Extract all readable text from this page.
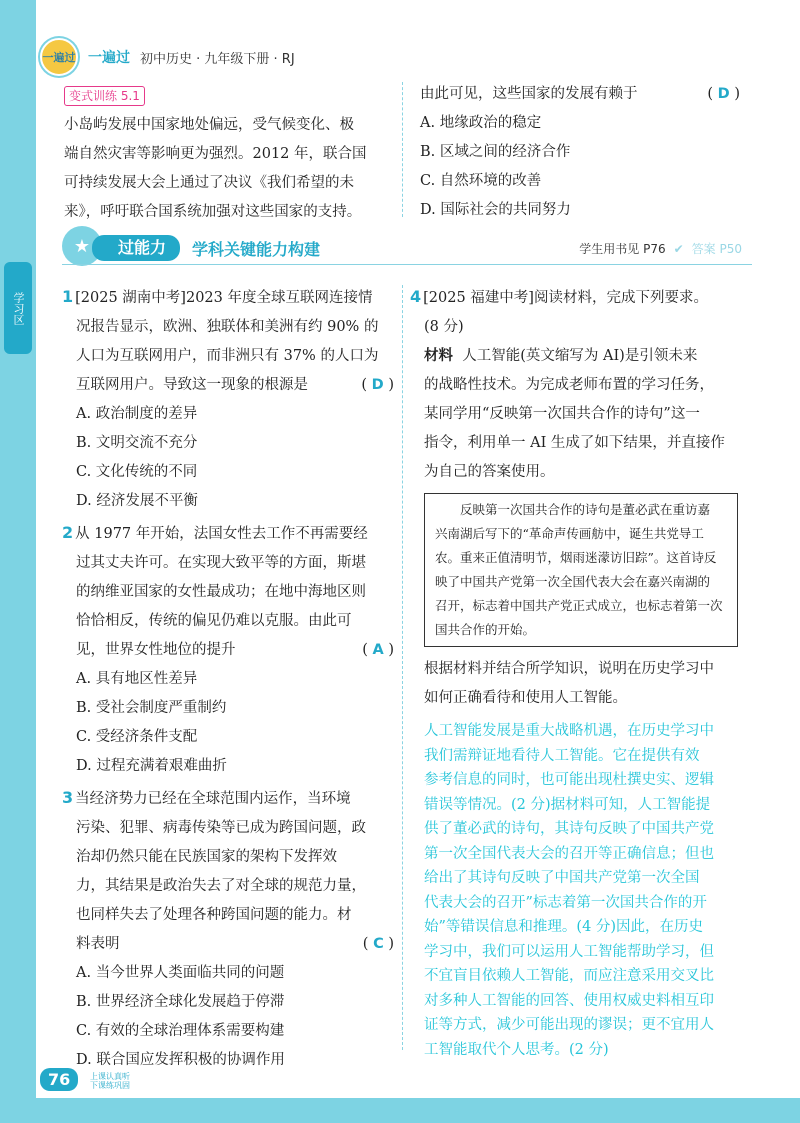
一遍过 一遍过 初中历史 · 九年级下册 · RJ
学习区
变式训练 5.1
小岛屿发展中国家地处偏远，受气候变化、极
端自然灾害等影响更为强烈。2012 年，联合国
可持续发展大会上通过了决议《我们希望的未
来》，呼吁联合国系统加强对这些国家的支持。
由此可见，这些国家的发展有赖于	( D )
A. 地缘政治的稳定
B. 区域之间的经济合作
C. 自然环境的改善
D. 国际社会的共同努力
★	过能力	学科关键能力构建	学生用书见 P76 ✔ 答案 P50
1 [2025 湖南中考]2023 年度全球互联网连接情
况报告显示，欧洲、独联体和美洲有约 90% 的
人口为互联网用户，而非洲只有 37% 的人口为
互联网用户。导致这一现象的根源是	( D )
A. 政治制度的差异
B. 文明交流不充分
C. 文化传统的不同
D. 经济发展不平衡
2 从 1977 年开始，法国女性去工作不再需要经
过其丈夫许可。在实现大致平等的方面，斯堪
的纳维亚国家的女性最成功；在地中海地区则
恰恰相反，传统的偏见仍难以克服。由此可
见，世界女性地位的提升	( A )
A. 具有地区性差异
B. 受社会制度严重制约
C. 受经济条件支配
D. 过程充满着艰难曲折
3 当经济势力已经在全球范围内运作，当环境
污染、犯罪、病毒传染等已成为跨国问题，政
治却仍然只能在民族国家的架构下发挥效
力，其结果是政治失去了对全球的规范力量，
也同样失去了处理各种跨国问题的能力。材
料表明	( C )
A. 当今世界人类面临共同的问题
B. 世界经济全球化发展趋于停滞
C. 有效的全球治理体系需要构建
D. 联合国应发挥积极的协调作用
4 [2025 福建中考]阅读材料，完成下列要求。
(8 分)
材料 人工智能(英文缩写为 AI)是引领未来
的战略性技术。为完成老师布置的学习任务，
某同学用“反映第一次国共合作的诗句”这一
指令，利用单一 AI 生成了如下结果，并直接作
为自己的答案使用。
反映第一次国共合作的诗句是董必武在重访嘉
兴南湖后写下的“革命声传画舫中，诞生共党导工
农。重来正值清明节，烟雨迷濛访旧踪”。这首诗反
映了中国共产党第一次全国代表大会在嘉兴南湖的
召开，标志着中国共产党正式成立，也标志着第一次
国共合作的开始。
根据材料并结合所学知识，说明在历史学习中
如何正确看待和使用人工智能。
人工智能发展是重大战略机遇，在历史学习中
我们需辩证地看待人工智能。它在提供有效
参考信息的同时，也可能出现杜撰史实、逻辑
错误等情况。(2 分)据材料可知，人工智能提
供了董必武的诗句，其诗句反映了中国共产党
第一次全国代表大会的召开等正确信息；但也
给出了其诗句反映了中国共产党第一次全国
代表大会的召开”标志着第一次国共合作的开
始”等错误信息和推理。(4 分)因此，在历史
学习中，我们可以运用人工智能帮助学习，但
不宜盲目依赖人工智能，而应注意采用交叉比
对多种人工智能的回答、使用权威史料相互印
证等方式，减少可能出现的谬误；更不宜用人
工智能取代个人思考。(2 分)
76	上课认真听
下课练巩固
